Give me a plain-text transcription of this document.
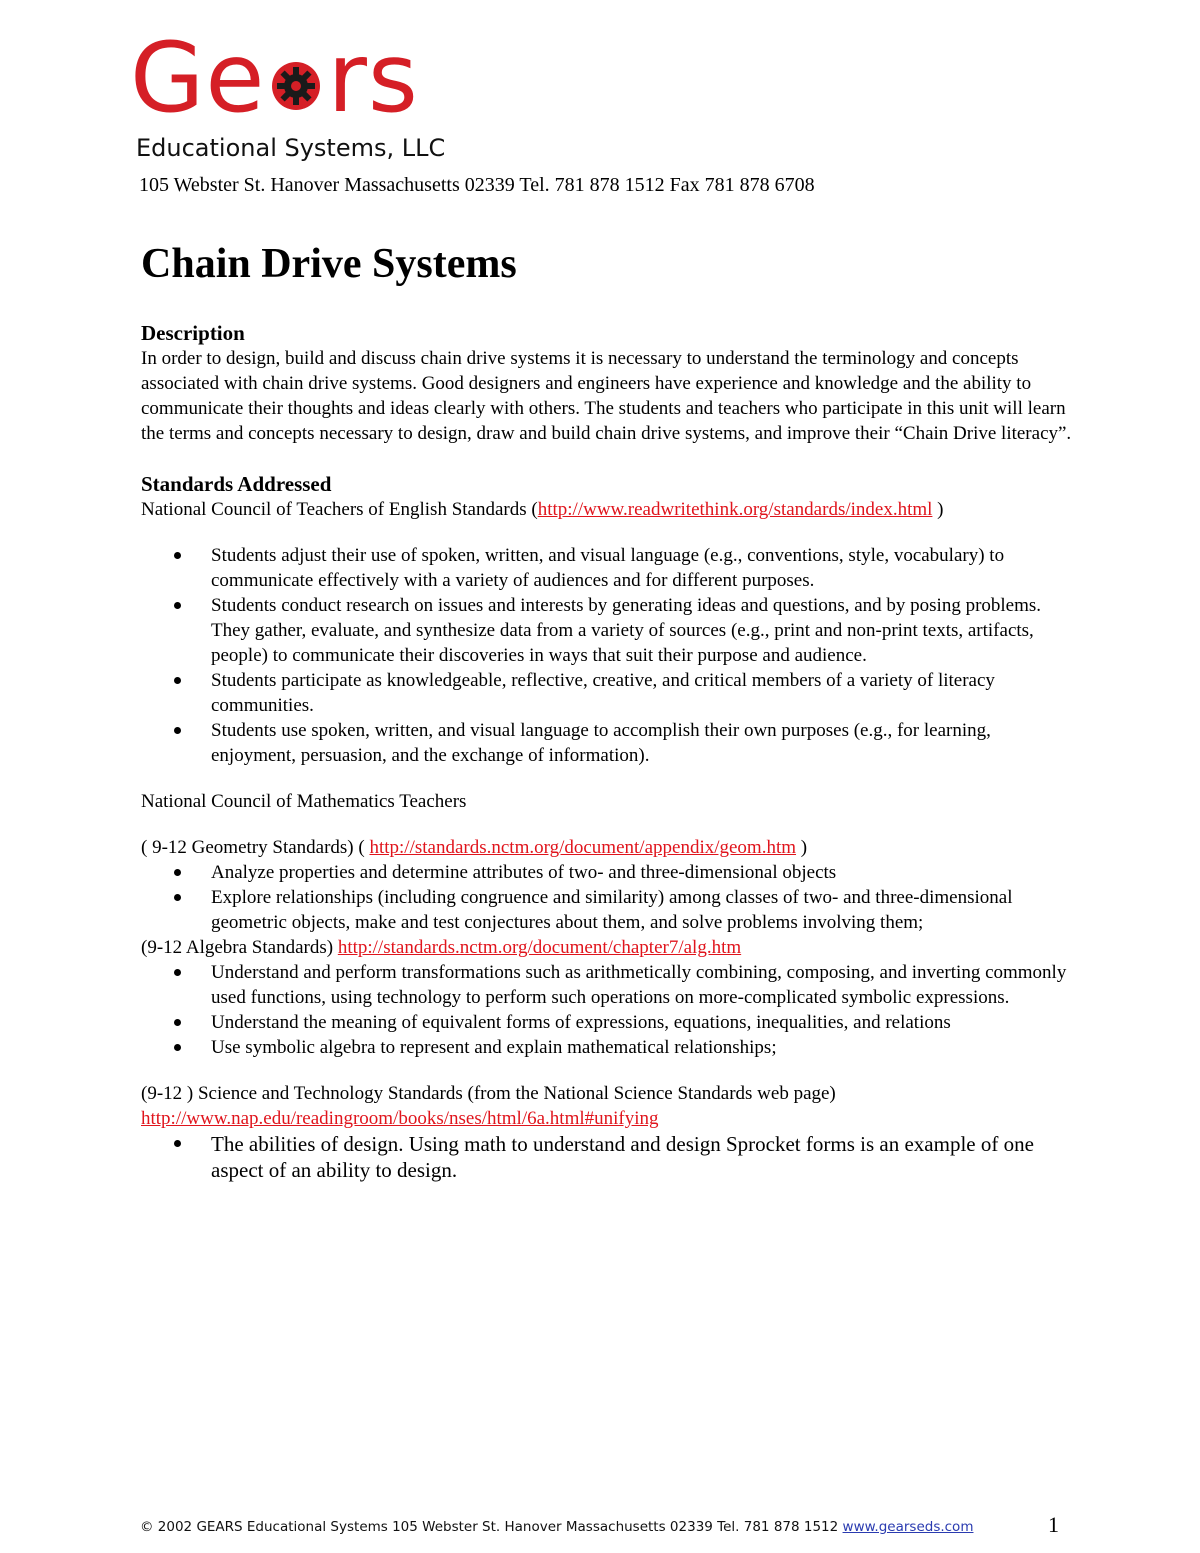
Ge rs
Educational Systems, LLC
105 Webster St. Hanover Massachusetts 02339 Tel. 781 878 1512 Fax 781 878 6708
Chain Drive Systems
Description

In order to design, build and discuss chain drive systems it is necessary to understand the terminology and concepts associated with chain drive systems. Good designers and engineers have experience and knowledge and the ability to communicate their thoughts and ideas clearly with others. The students and teachers who participate in this unit will learn the terms and concepts necessary to design, draw and build chain drive systems, and improve their “Chain Drive literacy”.

Standards Addressed

National Council of Teachers of English Standards (http://www.readwritethink.org/standards/index.html )

Students adjust their use of spoken, written, and visual language (e.g., conventions, style, vocabulary) to communicate effectively with a variety of audiences and for different purposes.
Students conduct research on issues and interests by generating ideas and questions, and by posing problems. They gather, evaluate, and synthesize data from a variety of sources (e.g., print and non-print texts, artifacts, people) to communicate their discoveries in ways that suit their purpose and audience.
Students participate as knowledgeable, reflective, creative, and critical members of a variety of literacy communities.
Students use spoken, written, and visual language to accomplish their own purposes (e.g., for learning, enjoyment, persuasion, and the exchange of information).

National Council of Mathematics Teachers

( 9-12 Geometry Standards) ( http://standards.nctm.org/document/appendix/geom.htm )

Analyze properties and determine attributes of two- and three-dimensional objects
Explore relationships (including congruence and similarity) among classes of two- and three-dimensional geometric objects, make and test conjectures about them, and solve problems involving them;

(9-12 Algebra Standards) http://standards.nctm.org/document/chapter7/alg.htm

Understand and perform transformations such as arithmetically combining, composing, and inverting commonly used functions, using technology to perform such operations on more-complicated symbolic expressions.
Understand the meaning of equivalent forms of expressions, equations, inequalities, and relations
Use symbolic algebra to represent and explain mathematical relationships;

(9-12 ) Science and Technology Standards (from the National Science Standards web page)

http://www.nap.edu/readingroom/books/nses/html/6a.html#unifying

The abilities of design. Using math to understand and design Sprocket forms is an example of one aspect of an ability to design.
© 2002 GEARS Educational Systems 105 Webster St. Hanover Massachusetts 02339 Tel. 781 878 1512 www.gearseds.com	1
